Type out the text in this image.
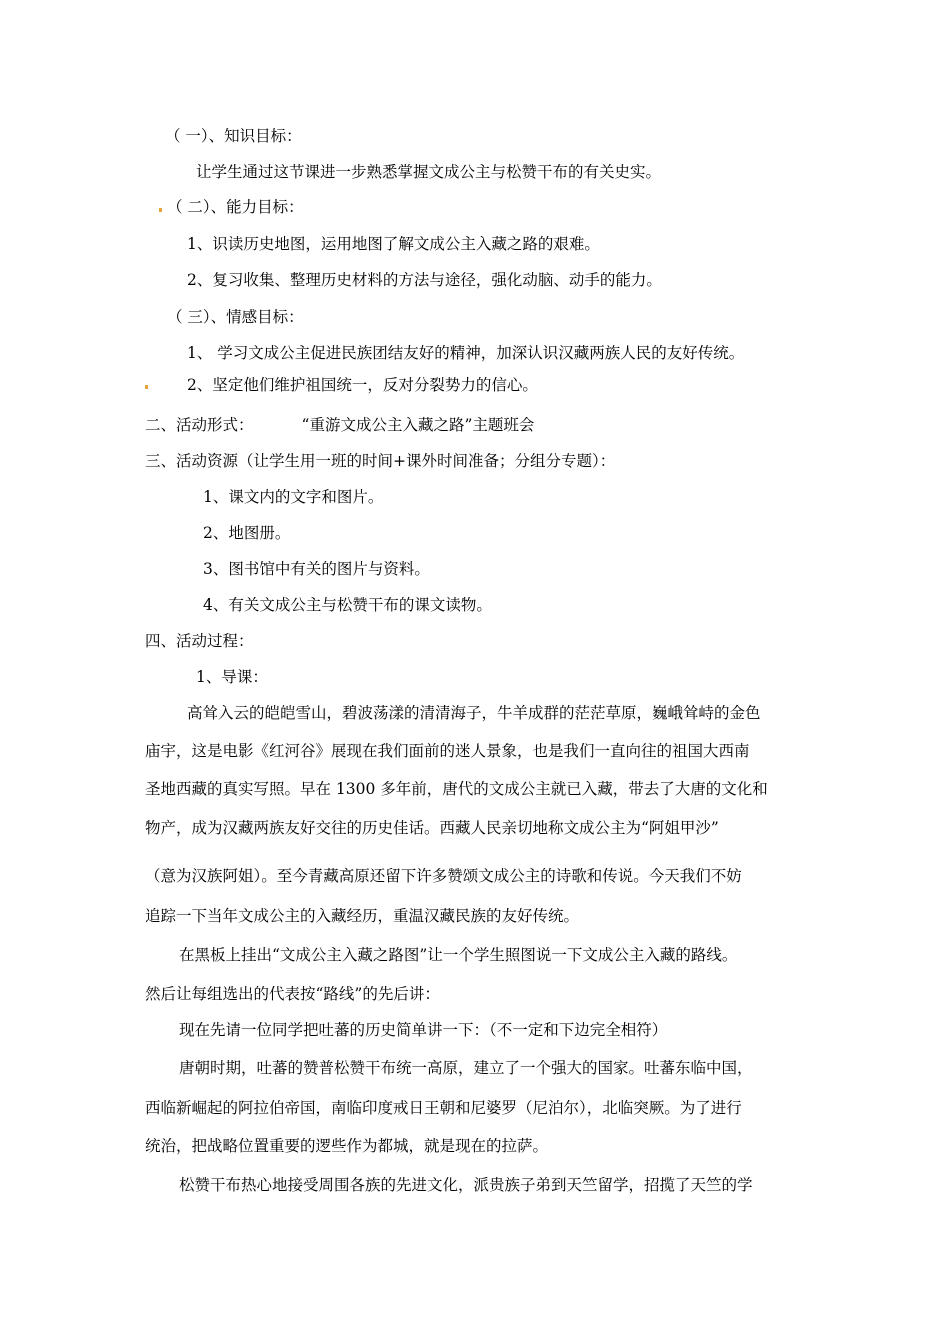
（ 一）、知识目标：

让学生通过这节课进一步熟悉掌握文成公主与松赞干布的有关史实。

（ 二）、能力目标：

1、识读历史地图，运用地图了解文成公主入藏之路的艰难。

2、复习收集、整理历史材料的方法与途径，强化动脑、动手的能力。

（ 三）、情感目标：

1、 学习文成公主促进民族团结友好的精神，加深认识汉藏两族人民的友好传统。

2、坚定他们维护祖国统一，反对分裂势力的信心。

二、活动形式：	“重游文成公主入藏之路”主题班会

三、活动资源（让学生用一班的时间+课外时间准备；分组分专题）：

1、课文内的文字和图片。

2、地图册。

3、图书馆中有关的图片与资料。

4、有关文成公主与松赞干布的课文读物。

四、活动过程：

1、导课：

高耸入云的皑皑雪山，碧波荡漾的清清海子，牛羊成群的茫茫草原，巍峨耸峙的金色

庙宇，这是电影《红河谷》展现在我们面前的迷人景象，也是我们一直向往的祖国大西南

圣地西藏的真实写照。早在 1300 多年前，唐代的文成公主就已入藏，带去了大唐的文化和

物产，成为汉藏两族友好交往的历史佳话。西藏人民亲切地称文成公主为“阿姐甲沙”

（意为汉族阿姐）。至今青藏高原还留下许多赞颂文成公主的诗歌和传说。今天我们不妨

追踪一下当年文成公主的入藏经历，重温汉藏民族的友好传统。

在黑板上挂出“文成公主入藏之路图”让一个学生照图说一下文成公主入藏的路线。

然后让每组选出的代表按“路线”的先后讲：

现在先请一位同学把吐蕃的历史简单讲一下：（不一定和下边完全相符）

唐朝时期，吐蕃的赞普松赞干布统一高原，建立了一个强大的国家。吐蕃东临中国，

西临新崛起的阿拉伯帝国，南临印度戒日王朝和尼婆罗（尼泊尔），北临突厥。为了进行

统治，把战略位置重要的逻些作为都城，就是现在的拉萨。

松赞干布热心地接受周围各族的先进文化，派贵族子弟到天竺留学，招揽了天竺的学
